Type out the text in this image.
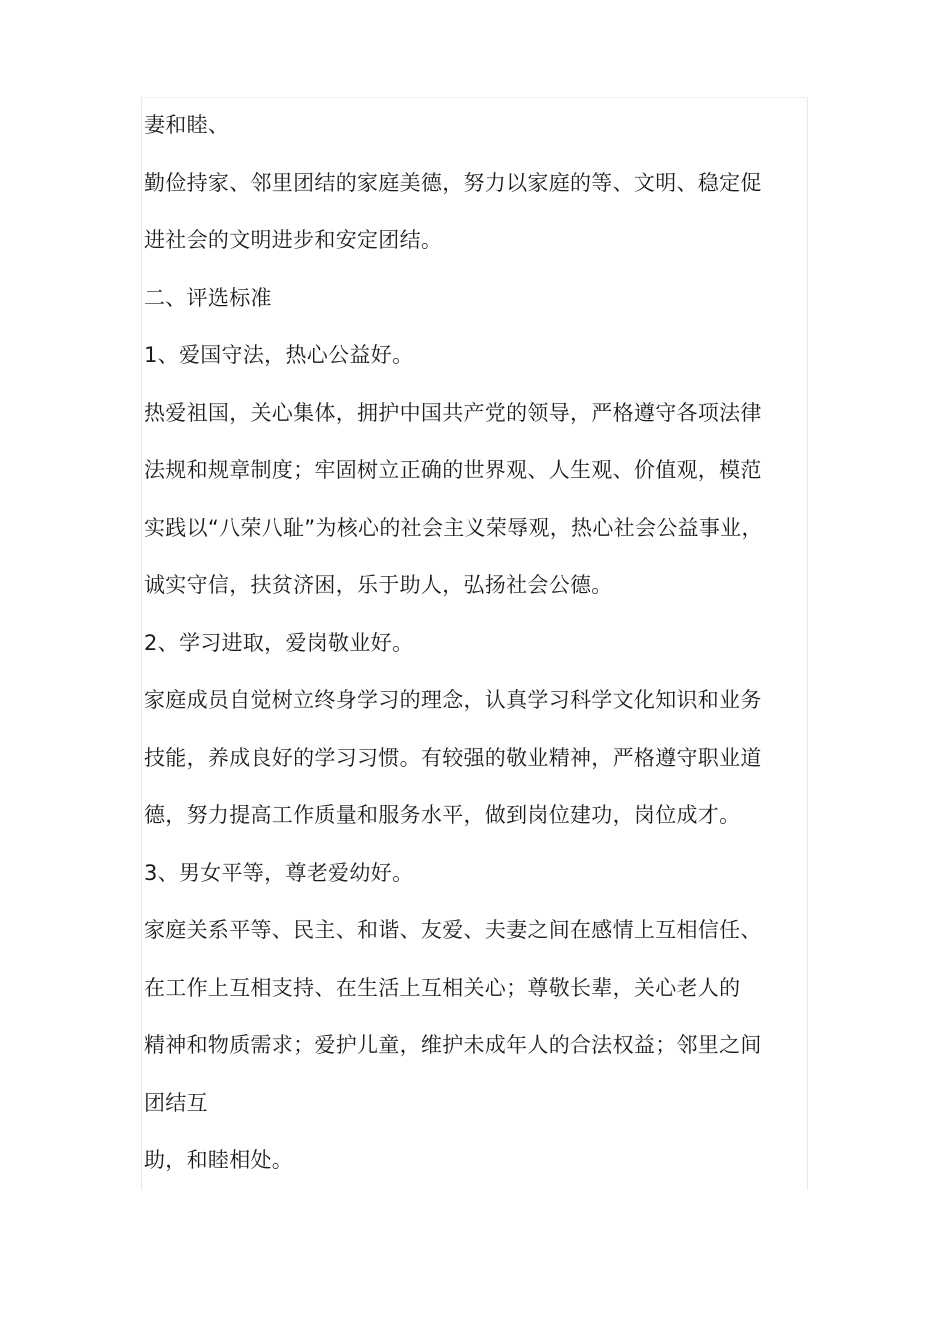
妻和睦、
勤俭持家、邻里团结的家庭美德，努力以家庭的等、文明、稳定促
进社会的文明进步和安定团结。
二、评选标准
1、爱国守法，热心公益好。
热爱祖国，关心集体，拥护中国共产党的领导，严格遵守各项法律
法规和规章制度；牢固树立正确的世界观、人生观、价值观，模范
实践以“八荣八耻”为核心的社会主义荣辱观，热心社会公益事业，
诚实守信，扶贫济困，乐于助人，弘扬社会公德。
2、学习进取，爱岗敬业好。
家庭成员自觉树立终身学习的理念，认真学习科学文化知识和业务
技能，养成良好的学习习惯。有较强的敬业精神，严格遵守职业道
德，努力提高工作质量和服务水平，做到岗位建功，岗位成才。
3、男女平等，尊老爱幼好。
家庭关系平等、民主、和谐、友爱、夫妻之间在感情上互相信任、
在工作上互相支持、在生活上互相关心；尊敬长辈，关心老人的
精神和物质需求；爱护儿童，维护未成年人的合法权益；邻里之间
团结互
助，和睦相处。
